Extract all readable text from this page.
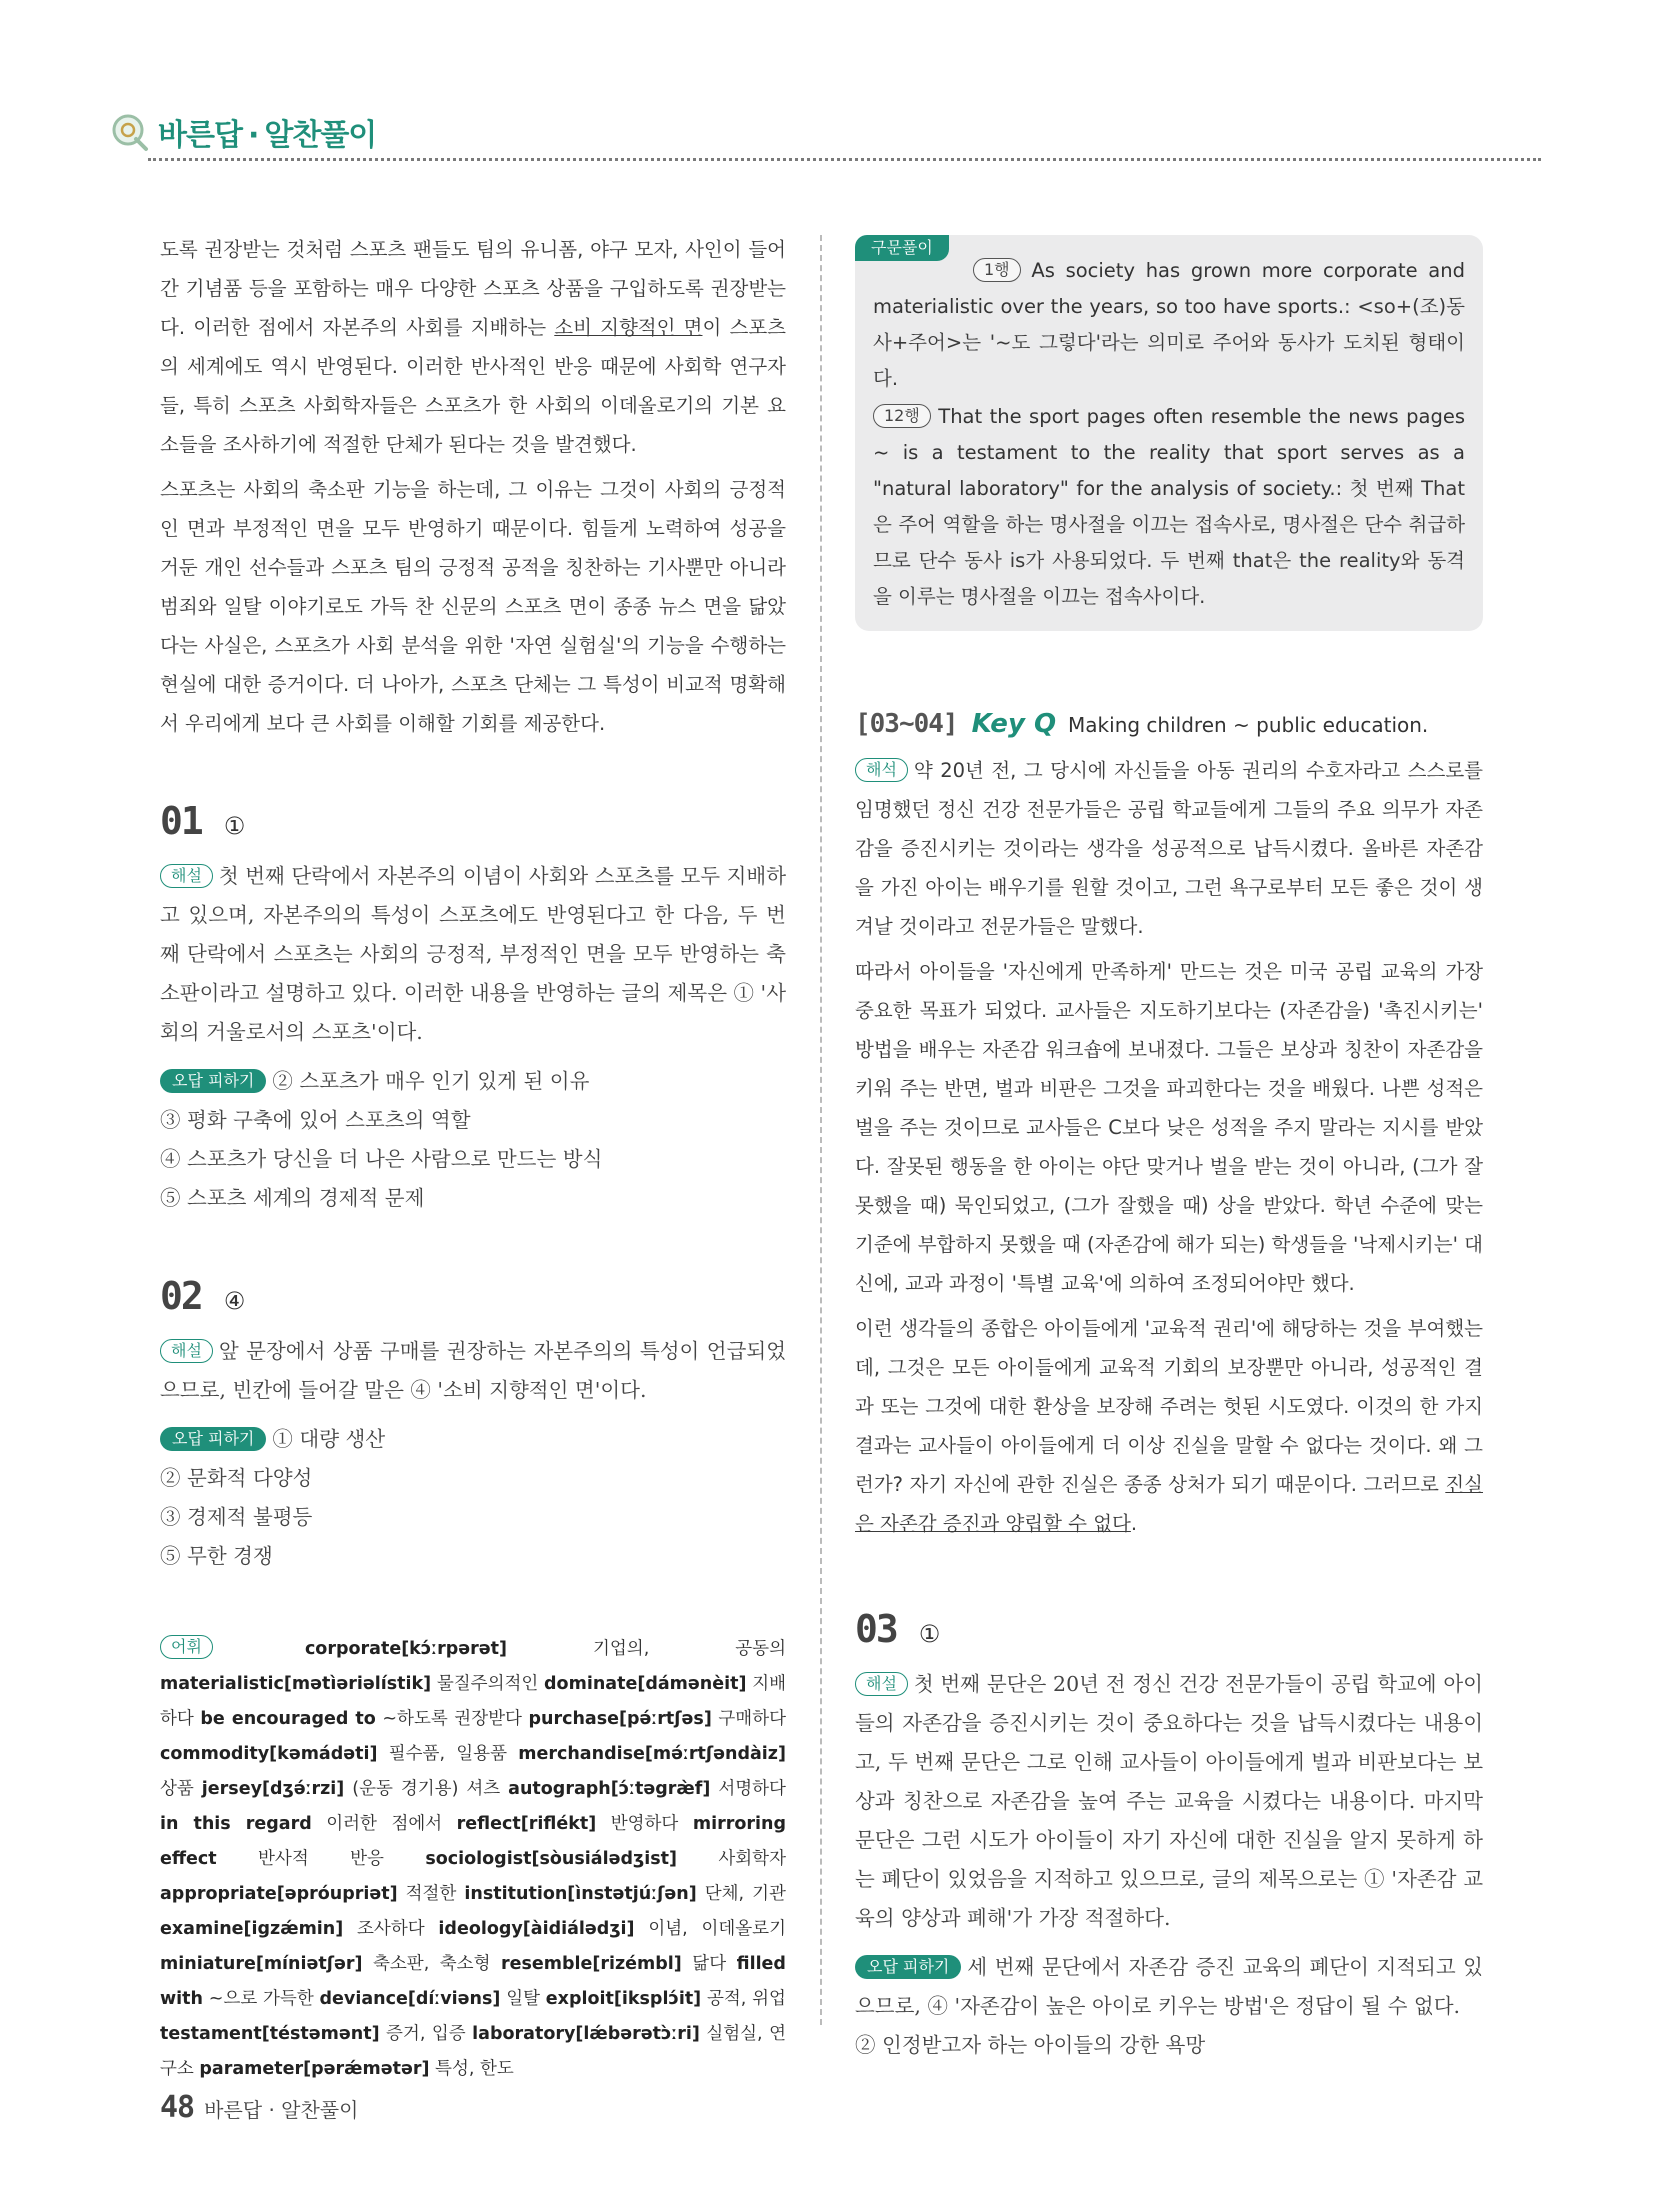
바른답 · 알찬풀이

도록 권장받는 것처럼 스포츠 팬들도 팀의 유니폼, 야구 모자, 사인이 들어간 기념품 등을 포함하는 매우 다양한 스포츠 상품을 구입하도록 권장받는다. 이러한 점에서 자본주의 사회를 지배하는 소비 지향적인 면이 스포츠의 세계에도 역시 반영된다. 이러한 반사적인 반응 때문에 사회학 연구자들, 특히 스포츠 사회학자들은 스포츠가 한 사회의 이데올로기의 기본 요소들을 조사하기에 적절한 단체가 된다는 것을 발견했다.

스포츠는 사회의 축소판 기능을 하는데, 그 이유는 그것이 사회의 긍정적인 면과 부정적인 면을 모두 반영하기 때문이다. 힘들게 노력하여 성공을 거둔 개인 선수들과 스포츠 팀의 긍정적 공적을 칭찬하는 기사뿐만 아니라 범죄와 일탈 이야기로도 가득 찬 신문의 스포츠 면이 종종 뉴스 면을 닮았다는 사실은, 스포츠가 사회 분석을 위한 '자연 실험실'의 기능을 수행하는 현실에 대한 증거이다. 더 나아가, 스포츠 단체는 그 특성이 비교적 명확해서 우리에게 보다 큰 사회를 이해할 기회를 제공한다.

01 ①

해설 첫 번째 단락에서 자본주의 이념이 사회와 스포츠를 모두 지배하고 있으며, 자본주의의 특성이 스포츠에도 반영된다고 한 다음, 두 번째 단락에서 스포츠는 사회의 긍정적, 부정적인 면을 모두 반영하는 축소판이라고 설명하고 있다. 이러한 내용을 반영하는 글의 제목은 ① '사회의 거울로서의 스포츠'이다.

오답 피하기 ② 스포츠가 매우 인기 있게 된 이유
③ 평화 구축에 있어 스포츠의 역할
④ 스포츠가 당신을 더 나은 사람으로 만드는 방식
⑤ 스포츠 세계의 경제적 문제
02 ④

해설 앞 문장에서 상품 구매를 권장하는 자본주의의 특성이 언급되었으므로, 빈칸에 들어갈 말은 ④ '소비 지향적인 면'이다.

오답 피하기 ① 대량 생산
② 문화적 다양성
③ 경제적 불평등
⑤ 무한 경쟁
어휘	corporate[kɔ́ːrpərət]	기업의, 공동의 materialistic[mətìəriəlístik] 물질주의적인 dominate[dámənèit] 지배하다 be encouraged to ~하도록 권장받다 purchase[pə́ːrtʃəs] 구매하다 commodity[kəmádəti] 필수품, 일용품 merchandise[mə́ːrtʃəndàiz] 상품 jersey[dʒə́ːrzi] (운동 경기용) 셔츠 autograph[ɔ́ːtəgræ̀f] 서명하다 in this regard 이러한 점에서 reflect[riflékt] 반영하다 mirroring effect 반사적 반응 sociologist[sòusiálədʒist] 사회학자 appropriate[əpróupriət] 적절한 institution[ìnstətjúːʃən] 단체, 기관 examine[igzǽmin] 조사하다 ideology[àidiálədʒi] 이념, 이데올로기 miniature[míniətʃər] 축소판, 축소형 resemble[rizémbl] 닮다 filled with ~으로 가득한 deviance[díːviəns] 일탈 exploit[iksplɔ́it] 공적, 위업 testament[téstəmənt] 증거, 입증 laboratory[lǽbərətɔ̀ːri] 실험실, 연구소 parameter[pərǽmətər] 특성, 한도
구문풀이
1행 As society has grown more corporate and materialistic over the years, so too have sports.: <so+(조)동사+주어>는 '~도 그렇다'라는 의미로 주어와 동사가 도치된 형태이다.
12행 That the sport pages often resemble the news pages ~ is a testament to the reality that sport serves as a "natural laboratory" for the analysis of society.: 첫 번째 That은 주어 역할을 하는 명사절을 이끄는 접속사로, 명사절은 단수 취급하므로 단수 동사 is가 사용되었다. 두 번째 that은 the reality와 동격을 이루는 명사절을 이끄는 접속사이다.
[03~04] Key Q Making children ~ public education.

해석 약 20년 전, 그 당시에 자신들을 아동 권리의 수호자라고 스스로를 임명했던 정신 건강 전문가들은 공립 학교들에게 그들의 주요 의무가 자존감을 증진시키는 것이라는 생각을 성공적으로 납득시켰다. 올바른 자존감을 가진 아이는 배우기를 원할 것이고, 그런 욕구로부터 모든 좋은 것이 생겨날 것이라고 전문가들은 말했다.

따라서 아이들을 '자신에게 만족하게' 만드는 것은 미국 공립 교육의 가장 중요한 목표가 되었다. 교사들은 지도하기보다는 (자존감을) '촉진시키는' 방법을 배우는 자존감 워크숍에 보내졌다. 그들은 보상과 칭찬이 자존감을 키워 주는 반면, 벌과 비판은 그것을 파괴한다는 것을 배웠다. 나쁜 성적은 벌을 주는 것이므로 교사들은 C보다 낮은 성적을 주지 말라는 지시를 받았다. 잘못된 행동을 한 아이는 야단 맞거나 벌을 받는 것이 아니라, (그가 잘못했을 때) 묵인되었고, (그가 잘했을 때) 상을 받았다. 학년 수준에 맞는 기준에 부합하지 못했을 때 (자존감에 해가 되는) 학생들을 '낙제시키는' 대신에, 교과 과정이 '특별 교육'에 의하여 조정되어야만 했다.

이런 생각들의 종합은 아이들에게 '교육적 권리'에 해당하는 것을 부여했는데, 그것은 모든 아이들에게 교육적 기회의 보장뿐만 아니라, 성공적인 결과 또는 그것에 대한 환상을 보장해 주려는 헛된 시도였다. 이것의 한 가지 결과는 교사들이 아이들에게 더 이상 진실을 말할 수 없다는 것이다. 왜 그런가? 자기 자신에 관한 진실은 종종 상처가 되기 때문이다. 그러므로 진실은 자존감 증진과 양립할 수 없다.

03 ①

해설 첫 번째 문단은 20년 전 정신 건강 전문가들이 공립 학교에 아이들의 자존감을 증진시키는 것이 중요하다는 것을 납득시켰다는 내용이고, 두 번째 문단은 그로 인해 교사들이 아이들에게 벌과 비판보다는 보상과 칭찬으로 자존감을 높여 주는 교육을 시켰다는 내용이다. 마지막 문단은 그런 시도가 아이들이 자기 자신에 대한 진실을 알지 못하게 하는 폐단이 있었음을 지적하고 있으므로, 글의 제목으로는 ① '자존감 교육의 양상과 폐해'가 가장 적절하다.

오답 피하기 세 번째 문단에서 자존감 증진 교육의 폐단이 지적되고 있으므로, ④ '자존감이 높은 아이로 키우는 방법'은 정답이 될 수 없다.

② 인정받고자 하는 아이들의 강한 욕망
48 바른답 · 알찬풀이
